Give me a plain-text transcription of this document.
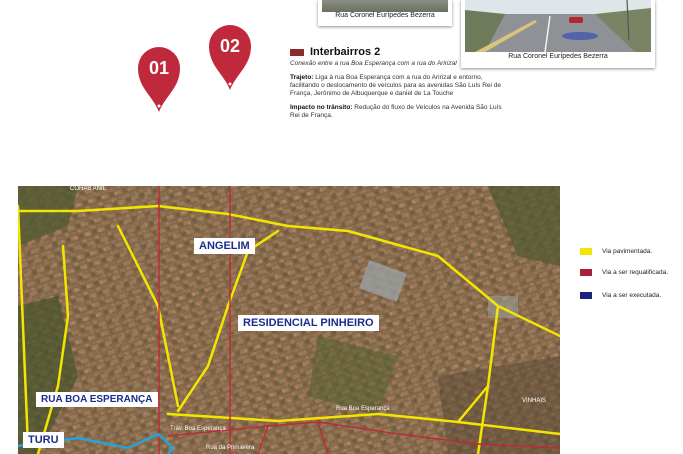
Rua Coronel Eurípedes Bezerra
Rua Coronel Eurípedes Bezerra
Interbairros 2
Conexão entre a rua Boa Esperança com a rua do Aririzal
Trajeto: Liga à rua Boa Esperança com a rua do Aririzal e entorno, facilitando o deslocamento de veículos para as avenidas São Luís Rei de França, Jerônimo de Albuquerque e daniel de La Touche
Impacto no trânsito: Redução do fluxo de Veículos na Avenida São Luís Rei de França.
ANGELIM
RESIDENCIAL PINHEIRO
RUA BOA ESPERANÇA
TURU
COHAB ANIL
Rua Boa Esperança
Trav. Boa Esperança
Rua da Primavera
VINHAIS
01
02
Via pavimentada.
Via a ser requalificada.
Via a ser executada.
